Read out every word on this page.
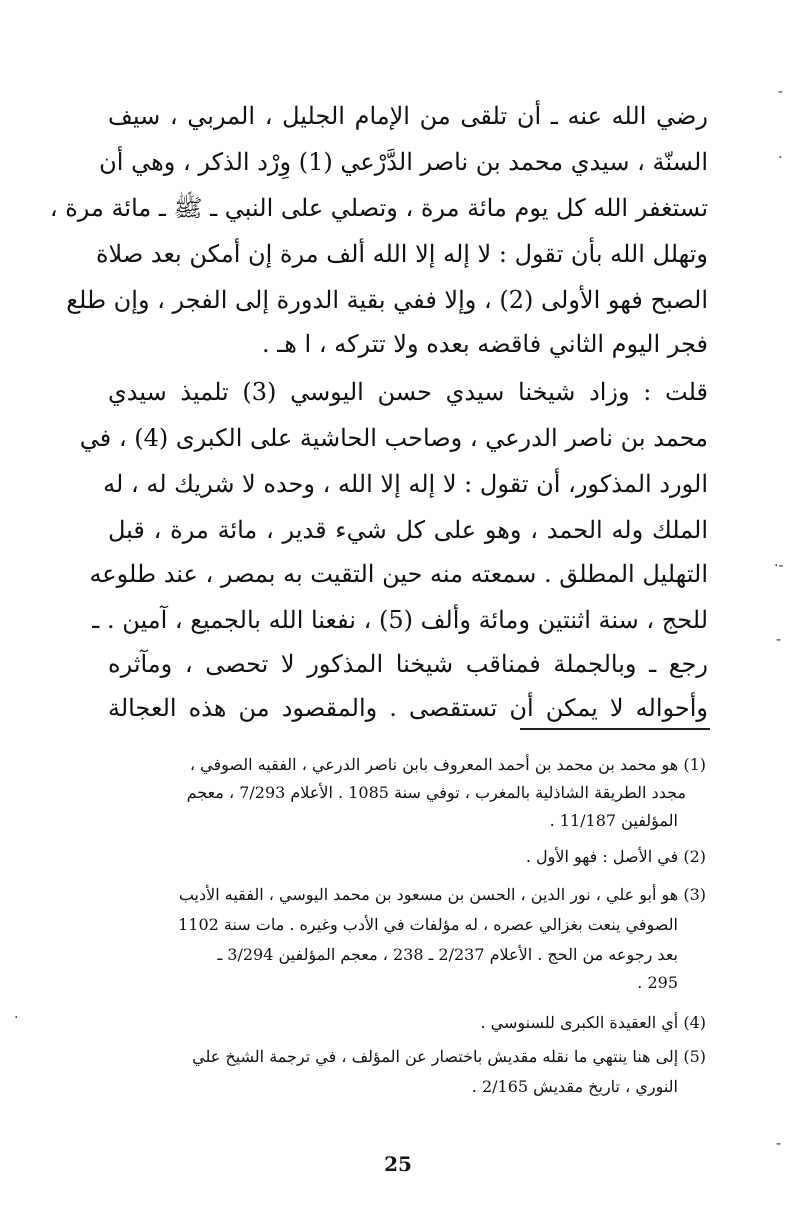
-
·
·-
-
·
-
رضي الله عنه ـ أن تلقى من الإمام الجليل ، المربي ، سيف
السنّة ، سيدي محمد بن ناصر الدَّرْعي (1) وِرْد الذكر ، وهي أن
تستغفر الله كل يوم مائة مرة ، وتصلي على النبي ـ ﷺ ـ مائة مرة ،
وتهلل الله بأن تقول : لا إله إلا الله ألف مرة إن أمكن بعد صلاة
الصبح فهو الأولى (2) ، وإلا ففي بقية الدورة إلى الفجر ، وإن طلع
فجر اليوم الثاني فاقضه بعده ولا تتركه ، ا هـ .
قلت : وزاد شيخنا سيدي حسن اليوسي (3) تلميذ سيدي
محمد بن ناصر الدرعي ، وصاحب الحاشية على الكبرى (4) ، في
الورد المذكور، أن تقول : لا إله إلا الله ، وحده لا شريك له ، له
الملك وله الحمد ، وهو على كل شيء قدير ، مائة مرة ، قبل
التهليل المطلق . سمعته منه حين التقيت به بمصر ، عند طلوعه
للحج ، سنة اثنتين ومائة وألف (5) ، نفعنا الله بالجميع ، آمين . ـ
رجع ـ وبالجملة فمناقب شيخنا المذكور لا تحصى ، ومآثره
وأحواله لا يمكن أن تستقصى . والمقصود من هذه العجالة
(1) هو محمد بن محمد بن أحمد المعروف بابن ناصر الدرعي ، الفقيه الصوفي ،
مجدد الطريقة الشاذلية بالمغرب ، توفي سنة 1085 . الأعلام 7/293 ، معجم
المؤلفين 11/187 .
(2) في الأصل : فهو الأول .
(3) هو أبو علي ، نور الدين ، الحسن بن مسعود بن محمد اليوسي ، الفقيه الأديب
الصوفي ينعت بغزالي عصره ، له مؤلفات في الأدب وغيره . مات سنة 1102
بعد رجوعه من الحج . الأعلام 2/237 ـ 238 ، معجم المؤلفين 3/294 ـ
295 .
(4) أي العقيدة الكبرى للسنوسي .
(5) إلى هنا ينتهي ما نقله مقديش باختصار عن المؤلف ، في ترجمة الشيخ علي
النوري ، تاريخ مقديش 2/165 .
25
